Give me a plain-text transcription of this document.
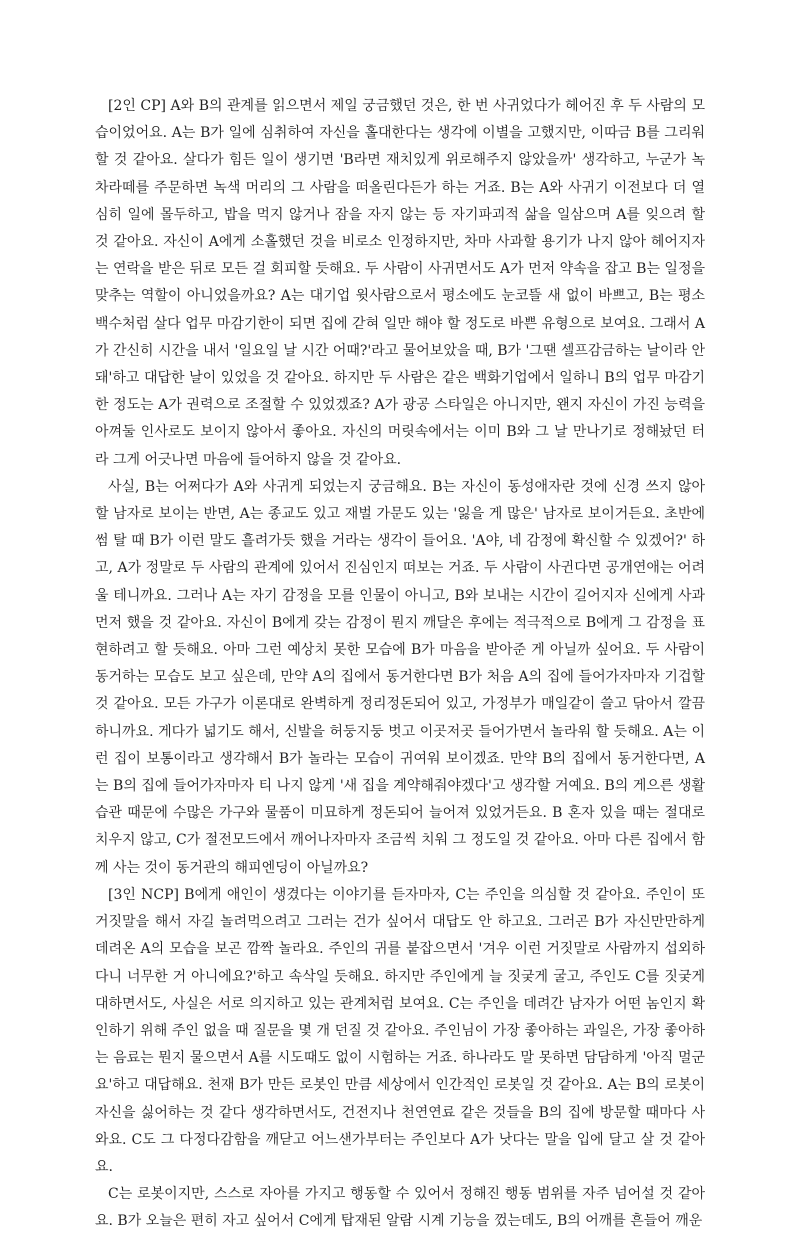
[2인 CP] A와 B의 관계를 읽으면서 제일 궁금했던 것은, 한 번 사귀었다가 헤어진 후 두 사람의 모습이었어요. A는 B가 일에 심취하여 자신을 홀대한다는 생각에 이별을 고했지만, 이따금 B를 그리워할 것 같아요. 살다가 힘든 일이 생기면 'B라면 재치있게 위로해주지 않았을까' 생각하고, 누군가 녹차라떼를 주문하면 녹색 머리의 그 사람을 떠올린다든가 하는 거죠. B는 A와 사귀기 이전보다 더 열심히 일에 몰두하고, 밥을 먹지 않거나 잠을 자지 않는 등 자기파괴적 삶을 일삼으며 A를 잊으려 할 것 같아요. 자신이 A에게 소홀했던 것을 비로소 인정하지만, 차마 사과할 용기가 나지 않아 헤어지자는 연락을 받은 뒤로 모든 걸 회피할 듯해요. 두 사람이 사귀면서도 A가 먼저 약속을 잡고 B는 일정을 맞추는 역할이 아니었을까요? A는 대기업 윗사람으로서 평소에도 눈코뜰 새 없이 바쁘고, B는 평소 백수처럼 살다 업무 마감기한이 되면 집에 갇혀 일만 해야 할 정도로 바쁜 유형으로 보여요. 그래서 A가 간신히 시간을 내서 '일요일 날 시간 어때?'라고 물어보았을 때, B가 '그땐 셀프감금하는 날이라 안 돼'하고 대답한 날이 있었을 것 같아요. 하지만 두 사람은 같은 백화기업에서 일하니 B의 업무 마감기한 정도는 A가 권력으로 조절할 수 있었겠죠? A가 광공 스타일은 아니지만, 왠지 자신이 가진 능력을 아껴둘 인사로도 보이지 않아서 좋아요. 자신의 머릿속에서는 이미 B와 그 날 만나기로 정해놨던 터라 그게 어긋나면 마음에 들어하지 않을 것 같아요.

사실, B는 어쩌다가 A와 사귀게 되었는지 궁금해요. B는 자신이 동성애자란 것에 신경 쓰지 않아할 남자로 보이는 반면, A는 종교도 있고 재벌 가문도 있는 '잃을 게 많은' 남자로 보이거든요. 초반에 썸 탈 때 B가 이런 말도 흘려가듯 했을 거라는 생각이 들어요. 'A야, 네 감정에 확신할 수 있겠어?' 하고, A가 정말로 두 사람의 관계에 있어서 진심인지 떠보는 거죠. 두 사람이 사귄다면 공개연애는 어려울 테니까요. 그러나 A는 자기 감정을 모를 인물이 아니고, B와 보내는 시간이 길어지자 신에게 사과 먼저 했을 것 같아요. 자신이 B에게 갖는 감정이 뭔지 깨달은 후에는 적극적으로 B에게 그 감정을 표현하려고 할 듯해요. 아마 그런 예상치 못한 모습에 B가 마음을 받아준 게 아닐까 싶어요. 두 사람이 동거하는 모습도 보고 싶은데, 만약 A의 집에서 동거한다면 B가 처음 A의 집에 들어가자마자 기겁할 것 같아요. 모든 가구가 이론대로 완벽하게 정리정돈되어 있고, 가정부가 매일같이 쓸고 닦아서 깔끔하니까요. 게다가 넓기도 해서, 신발을 허둥지둥 벗고 이곳저곳 들어가면서 놀라워 할 듯해요. A는 이런 집이 보통이라고 생각해서 B가 놀라는 모습이 귀여워 보이겠죠. 만약 B의 집에서 동거한다면, A는 B의 집에 들어가자마자 티 나지 않게 '새 집을 계약해줘야겠다'고 생각할 거예요. B의 게으른 생활습관 때문에 수많은 가구와 물품이 미묘하게 정돈되어 늘어져 있었거든요. B 혼자 있을 때는 절대로 치우지 않고, C가 절전모드에서 깨어나자마자 조금씩 치워 그 정도일 것 같아요. 아마 다른 집에서 함께 사는 것이 동거관의 해피엔딩이 아닐까요?

[3인 NCP] B에게 애인이 생겼다는 이야기를 듣자마자, C는 주인을 의심할 것 같아요. 주인이 또 거짓말을 해서 자길 놀려먹으려고 그러는 건가 싶어서 대답도 안 하고요. 그러곤 B가 자신만만하게 데려온 A의 모습을 보곤 깜짝 놀라요. 주인의 귀를 붙잡으면서 '겨우 이런 거짓말로 사람까지 섭외하다니 너무한 거 아니에요?'하고 속삭일 듯해요. 하지만 주인에게 늘 짓궂게 굴고, 주인도 C를 짓궂게 대하면서도, 사실은 서로 의지하고 있는 관계처럼 보여요. C는 주인을 데려간 남자가 어떤 놈인지 확인하기 위해 주인 없을 때 질문을 몇 개 던질 것 같아요. 주인님이 가장 좋아하는 과일은, 가장 좋아하는 음료는 뭔지 물으면서 A를 시도때도 없이 시험하는 거죠. 하나라도 말 못하면 담담하게 '아직 멀군요'하고 대답해요. 천재 B가 만든 로봇인 만큼 세상에서 인간적인 로봇일 것 같아요. A는 B의 로봇이 자신을 싫어하는 것 같다 생각하면서도, 건전지나 천연연료 같은 것들을 B의 집에 방문할 때마다 사와요. C도 그 다정다감함을 깨닫고 어느샌가부터는 주인보다 A가 낫다는 말을 입에 달고 살 것 같아요.

C는 로봇이지만, 스스로 자아를 가지고 행동할 수 있어서 정해진 행동 범위를 자주 넘어설 것 같아요. B가 오늘은 편히 자고 싶어서 C에게 탑재된 알람 시계 기능을 껐는데도, B의 어깨를 흔들어 깨운
